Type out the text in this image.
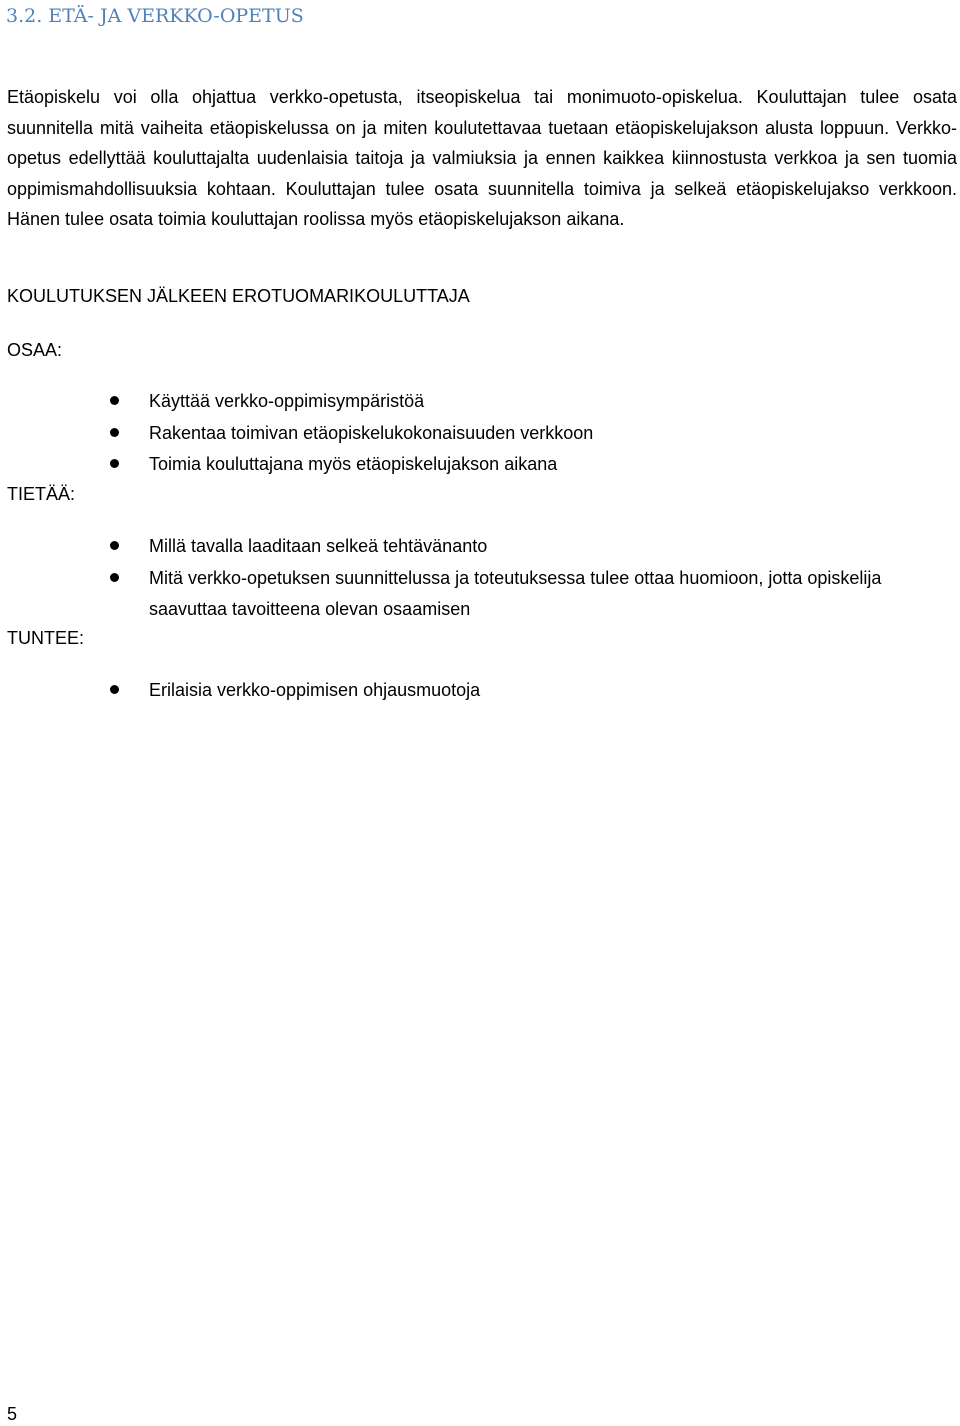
3.2. ETÄ- JA VERKKO-OPETUS

Etäopiskelu voi olla ohjattua verkko-opetusta, itseopiskelua tai monimuoto-opiskelua. Kouluttajan tulee osata suunnitella mitä vaiheita etäopiskelussa on ja miten koulutettavaa tuetaan etäopiskelujakson alusta loppuun. Verkko-opetus edellyttää kouluttajalta uudenlaisia taitoja ja valmiuksia ja ennen kaikkea kiinnostusta verkkoa ja sen tuomia oppimismahdollisuuksia kohtaan. Kouluttajan tulee osata suunnitella toimiva ja selkeä etäopiskelujakso verkkoon. Hänen tulee osata toimia kouluttajan roolissa myös etäopiskelujakson aikana.

KOULUTUKSEN JÄLKEEN EROTUOMARIKOULUTTAJA
OSAA:
Käyttää verkko-oppimisympäristöä
Rakentaa toimivan etäopiskelukokonaisuuden verkkoon
Toimia kouluttajana myös etäopiskelujakson aikana
TIETÄÄ:
Millä tavalla laaditaan selkeä tehtävänanto
Mitä verkko-opetuksen suunnittelussa ja toteutuksessa tulee ottaa huomioon, jotta opiskelija saavuttaa tavoitteena olevan osaamisen
TUNTEE:
Erilaisia verkko-oppimisen ohjausmuotoja
5
